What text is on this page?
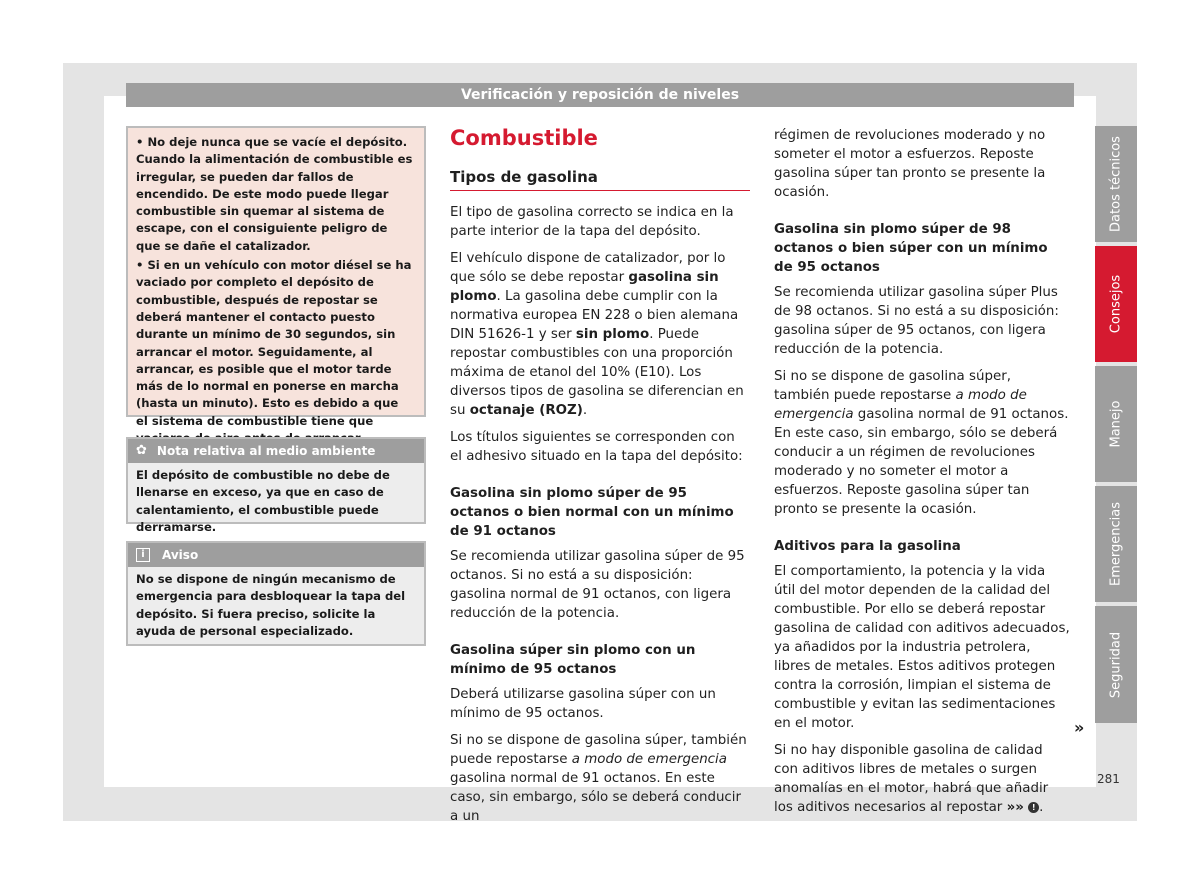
Verificación y reposición de niveles

• No deje nunca que se vacíe el depósito. Cuando la alimentación de combustible es irregular, se pueden dar fallos de encendido. De este modo puede llegar combustible sin quemar al sistema de escape, con el consiguiente peligro de que se dañe el catalizador.

• Si en un vehículo con motor diésel se ha vaciado por completo el depósito de combustible, después de repostar se deberá mantener el contacto puesto durante un mínimo de 30 segundos, sin arrancar el motor. Seguidamente, al arrancar, es posible que el motor tarde más de lo normal en ponerse en marcha (hasta un minuto). Esto es debido a que el sistema de combustible tiene que

✿ Nota relativa al medio ambiente
El depósito de combustible no debe de llenarse en exceso, ya que en caso de calentamiento, el combustible puede derramarse.
i	Aviso
No se dispone de ningún mecanismo de emergencia para desbloquear la tapa del depósito. Si fuera preciso, solicite la ayuda de personal especializado.
Combustible
Tipos de gasolina

El tipo de gasolina correcto se indica en la parte interior de la tapa del depósito.

El vehículo dispone de catalizador, por lo que sólo se debe repostar gasolina sin plomo. La gasolina debe cumplir con la normativa europea EN 228 o bien alemana DIN 51626-1 y ser sin plomo. Puede repostar combustibles con una proporción máxima de etanol del 10% (E10). Los diversos tipos de gasolina se diferencian en su octanaje (ROZ).

Los títulos siguientes se corresponden con el adhesivo situado en la tapa del depósito:

Gasolina sin plomo súper de 95 octanos o bien normal con un mínimo de 91 octanos

Se recomienda utilizar gasolina súper de 95 octanos. Si no está a su disposición: gasolina normal de 91 octanos, con ligera reducción de la potencia.

Gasolina súper sin plomo con un mínimo de 95 octanos

Deberá utilizarse gasolina súper con un mínimo de 95 octanos.

Si no se dispone de gasolina súper, también puede repostarse a modo de emergencia gasolina normal de 91 octanos. En este caso, sin embargo, sólo se deberá conducir a un

régimen de revoluciones moderado y no someter el motor a esfuerzos. Reposte gasolina súper tan pronto se presente la ocasión.

Gasolina sin plomo súper de 98 octanos o bien súper con un mínimo de 95 octanos

Se recomienda utilizar gasolina súper Plus de 98 octanos. Si no está a su disposición: gasolina súper de 95 octanos, con ligera reducción de la potencia.

Si no se dispone de gasolina súper, también puede repostarse a modo de emergencia gasolina normal de 91 octanos. En este caso, sin embargo, sólo se deberá conducir a un régimen de revoluciones moderado y no someter el motor a esfuerzos. Reposte gasolina súper tan pronto se presente la ocasión.

Aditivos para la gasolina

El comportamiento, la potencia y la vida útil del motor dependen de la calidad del combustible. Por ello se deberá repostar gasolina de calidad con aditivos adecuados, ya añadidos por la industria petrolera, libres de metales. Estos aditivos protegen contra la corrosión, limpian el sistema de combustible y evitan las sedimentaciones en el motor.

Si no hay disponible gasolina de calidad con aditivos libres de metales o surgen anomalías en el motor, habrá que añadir los aditivos necesarios al repostar »» ! .

»
Datos técnicos
Consejos
Manejo
Emergencias
Seguridad
281
